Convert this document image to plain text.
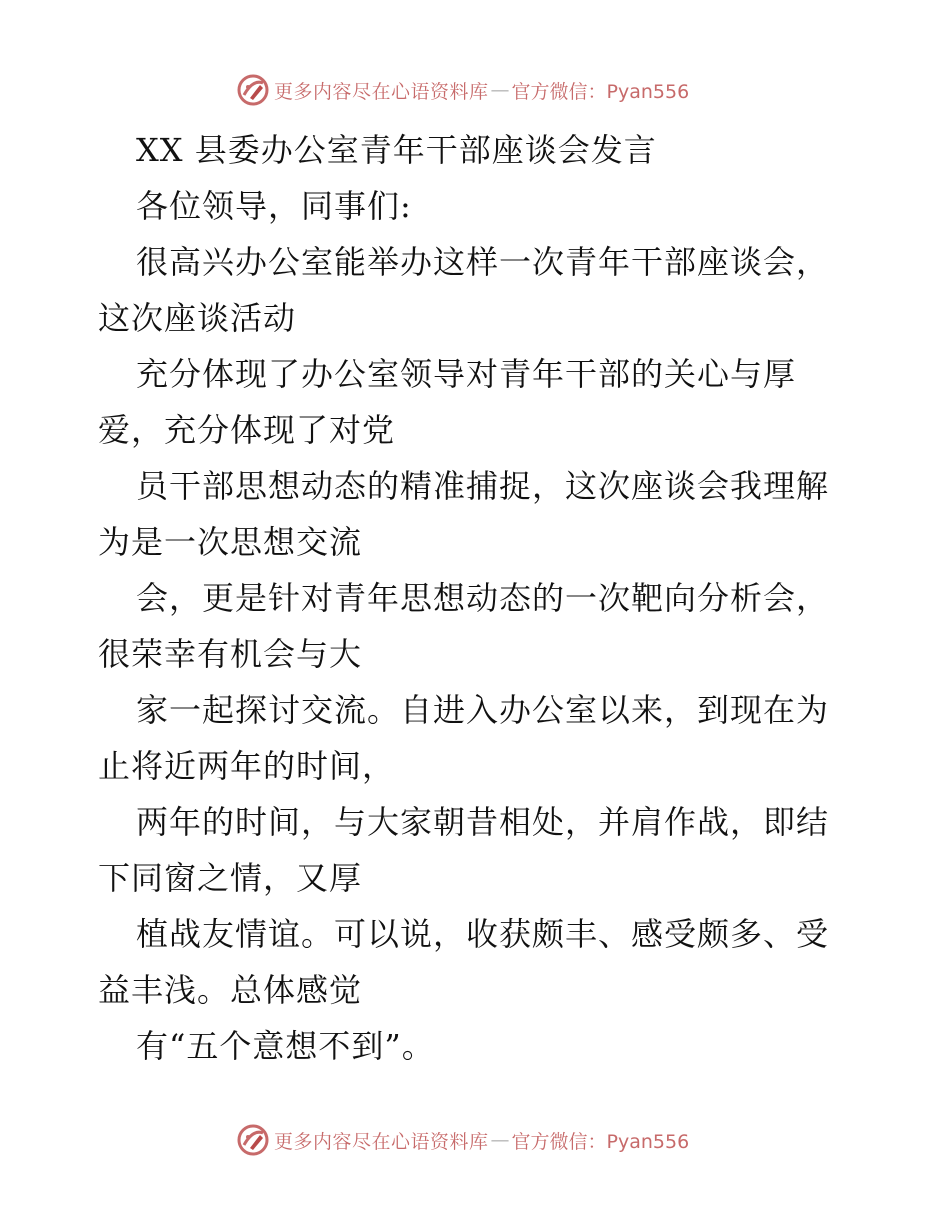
更多内容尽在心语资料库 — 官方微信：Pyan556
XX 县委办公室青年干部座谈会发言
各位领导，同事们:
很高兴办公室能举办这样一次青年干部座谈会，
这次座谈活动
充分体现了办公室领导对青年干部的关心与厚
爱，充分体现了对党
员干部思想动态的精准捕捉，这次座谈会我理解
为是一次思想交流
会，更是针对青年思想动态的一次靶向分析会，
很荣幸有机会与大
家一起探讨交流。自进入办公室以来，到现在为
止将近两年的时间，
两年的时间，与大家朝昔相处，并肩作战，即结
下同窗之情，又厚
植战友情谊。可以说，收获颇丰、感受颇多、受
益丰浅。总体感觉
有“五个意想不到”。
更多内容尽在心语资料库 — 官方微信：Pyan556
